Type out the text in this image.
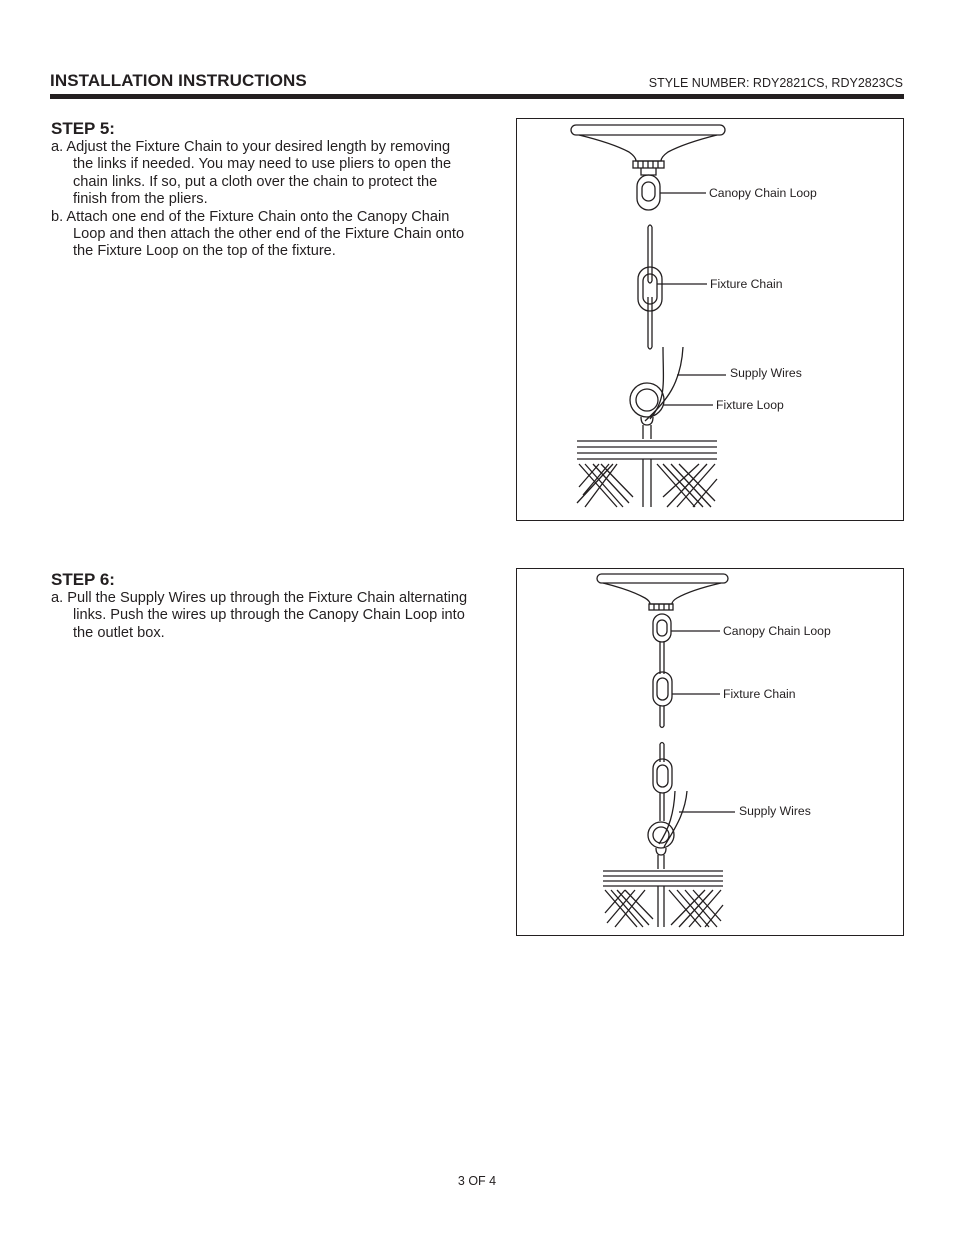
INSTALLATION INSTRUCTIONS	STYLE NUMBER: RDY2821CS, RDY2823CS
STEP 5:

a. Adjust the Fixture Chain to your desired length by removing the links if needed. You may need to use pliers to open the chain links. If so, put a cloth over the chain to protect the finish from the pliers.

b. Attach one end of the Fixture Chain onto the Canopy Chain Loop and then attach the other end of the Fixture Chain onto the Fixture Loop on the top of the fixture.

Canopy Chain Loop
Fixture Chain
Supply Wires
Fixture Loop
STEP 6:

a. Pull the Supply Wires up through the Fixture Chain alternating links. Push the wires up through the Canopy Chain Loop into the outlet box.	Canopy Chain Loop
Fixture Chain
Supply Wires
3 OF 4
